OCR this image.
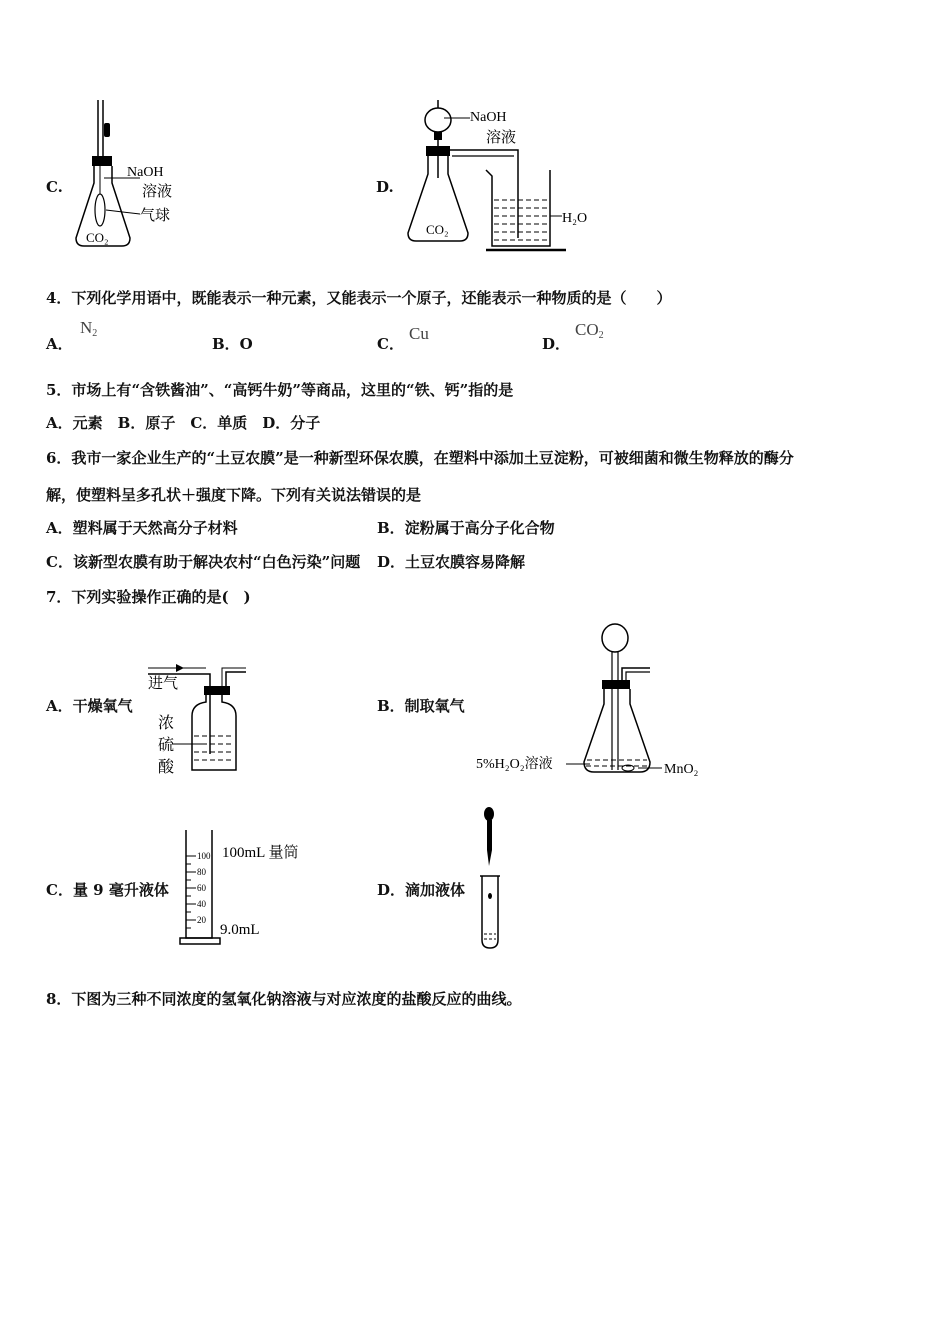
C.
NaOH
溶液
气球
CO₂
D.
CO₂
NaOH
溶液
H₂O
4．下列化学用语中，既能表示一种元素，又能表示一个原子，还能表示一种物质的是（　　）
A．
$N_2$
B．O	C．
Cu
D．
$CO_2$
5．市场上有“含铁酱油”、“高钙牛奶”等商品，这里的“铁、钙”指的是
A．元素　B．原子　C．单质　D．分子
6．我市一家企业生产的“土豆农膜”是一种新型环保农膜，在塑料中添加土豆淀粉，可被细菌和微生物释放的酶分
解，使塑料呈多孔状＋强度下降。下列有关说法错误的是
A．塑料属于天然高分子材料	B．淀粉属于高分子化合物
C．该新型农膜有助于解决农村“白色污染”问题 D．土豆农膜容易降解
7．下列实验操作正确的是(　)
A．干燥氧气
进气
浓
硫
酸
B．制取氧气
5%H₂O₂溶液	MnO₂
C．量 9 毫升液体
100
80
60
40
20
100mL 量筒
9.0mL
D．滴加液体
8．下图为三种不同浓度的氢氧化钠溶液与对应浓度的盐酸反应的曲线。
